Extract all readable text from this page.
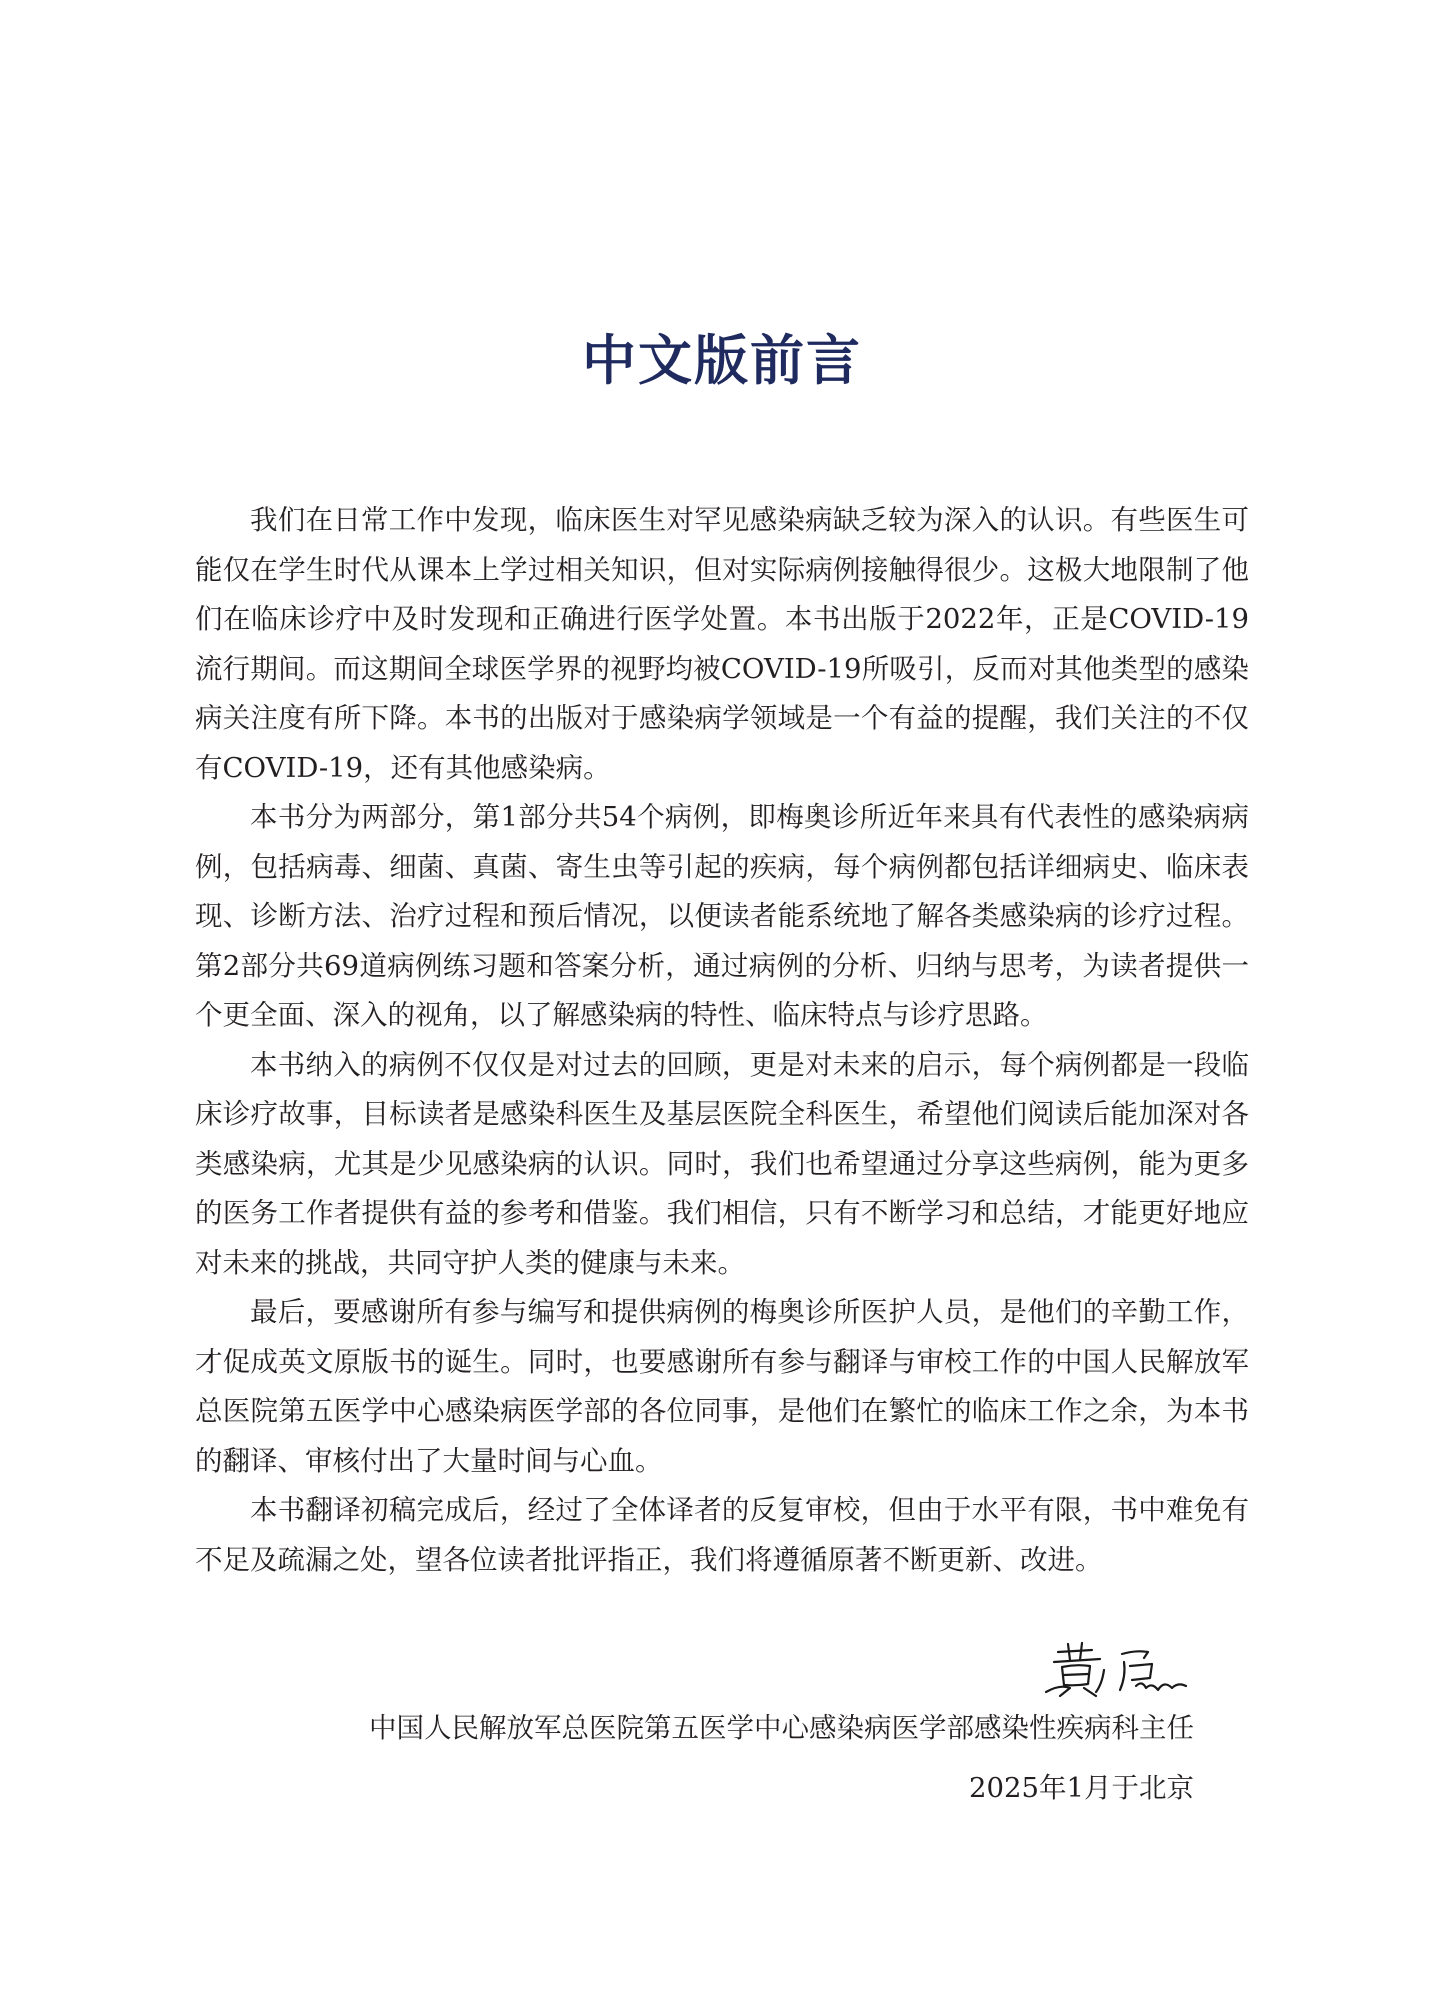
中文版前言

我们在日常工作中发现，临床医生对罕见感染病缺乏较为深入的认识。有些医生可能仅在学生时代从课本上学过相关知识，但对实际病例接触得很少。这极大地限制了他们在临床诊疗中及时发现和正确进行医学处置。本书出版于2022年，正是COVID-19流行期间。而这期间全球医学界的视野均被COVID-19所吸引，反而对其他类型的感染病关注度有所下降。本书的出版对于感染病学领域是一个有益的提醒，我们关注的不仅有COVID-19，还有其他感染病。

本书分为两部分，第1部分共54个病例，即梅奥诊所近年来具有代表性的感染病病例，包括病毒、细菌、真菌、寄生虫等引起的疾病，每个病例都包括详细病史、临床表现、诊断方法、治疗过程和预后情况，以便读者能系统地了解各类感染病的诊疗过程。第2部分共69道病例练习题和答案分析，通过病例的分析、归纳与思考，为读者提供一个更全面、深入的视角，以了解感染病的特性、临床特点与诊疗思路。

本书纳入的病例不仅仅是对过去的回顾，更是对未来的启示，每个病例都是一段临床诊疗故事，目标读者是感染科医生及基层医院全科医生，希望他们阅读后能加深对各类感染病，尤其是少见感染病的认识。同时，我们也希望通过分享这些病例，能为更多的医务工作者提供有益的参考和借鉴。我们相信，只有不断学习和总结，才能更好地应对未来的挑战，共同守护人类的健康与未来。

最后，要感谢所有参与编写和提供病例的梅奥诊所医护人员，是他们的辛勤工作，才促成英文原版书的诞生。同时，也要感谢所有参与翻译与审校工作的中国人民解放军总医院第五医学中心感染病医学部的各位同事，是他们在繁忙的临床工作之余，为本书的翻译、审核付出了大量时间与心血。

本书翻译初稿完成后，经过了全体译者的反复审校，但由于水平有限，书中难免有不足及疏漏之处，望各位读者批评指正，我们将遵循原著不断更新、改进。

中国人民解放军总医院第五医学中心感染病医学部感染性疾病科主任
2025年1月于北京
